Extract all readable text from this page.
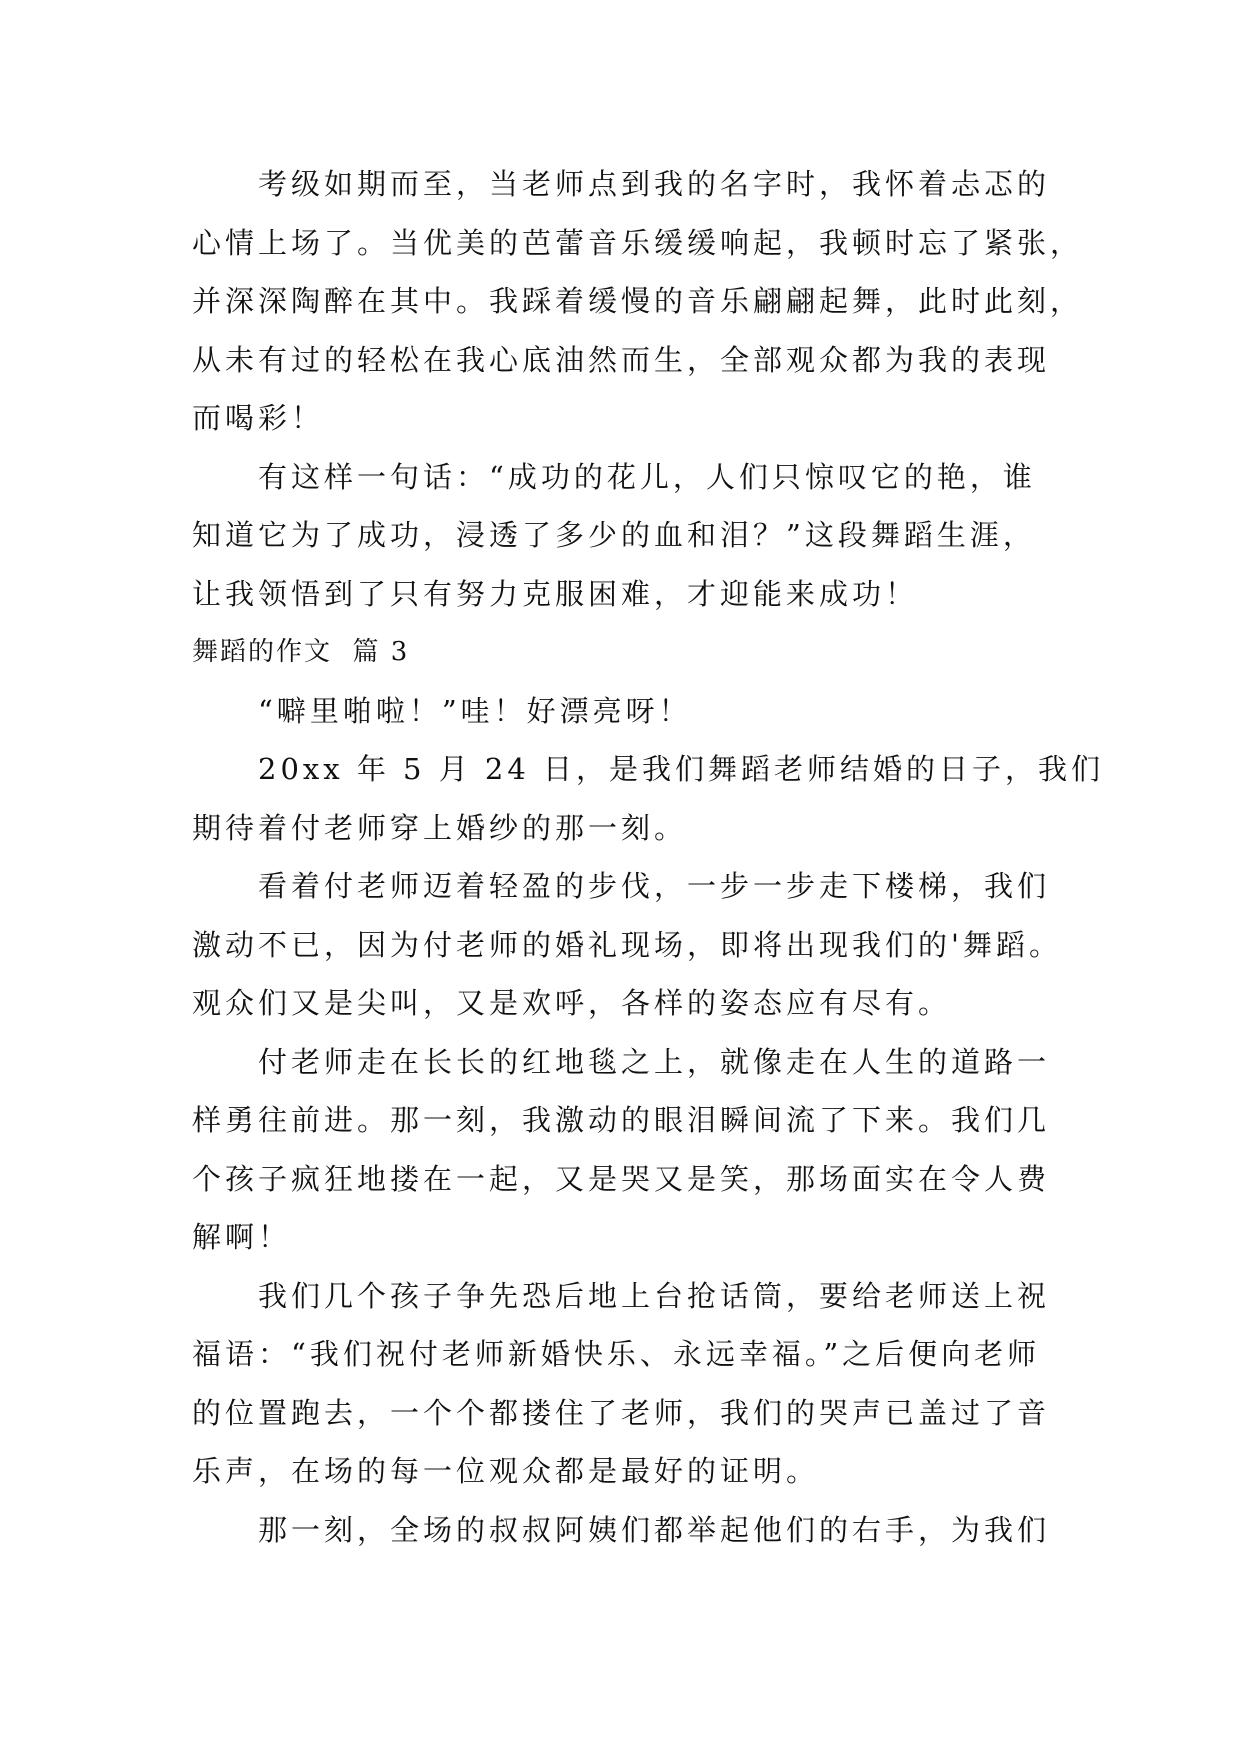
考级如期而至，当老师点到我的名字时，我怀着忐忑的
心情上场了。当优美的芭蕾音乐缓缓响起，我顿时忘了紧张，
并深深陶醉在其中。我踩着缓慢的音乐翩翩起舞，此时此刻，
从未有过的轻松在我心底油然而生，全部观众都为我的表现
而喝彩！
有这样一句话：“成功的花儿，人们只惊叹它的艳，谁
知道它为了成功，浸透了多少的血和泪？”这段舞蹈生涯，
让我领悟到了只有努力克服困难，才迎能来成功！
舞蹈的作文  篇 3
“噼里啪啦！”哇！好漂亮呀！
20xx 年 5 月 24 日，是我们舞蹈老师结婚的日子，我们
期待着付老师穿上婚纱的那一刻。
看着付老师迈着轻盈的步伐，一步一步走下楼梯，我们
激动不已，因为付老师的婚礼现场，即将出现我们的'舞蹈。
观众们又是尖叫，又是欢呼，各样的姿态应有尽有。
付老师走在长长的红地毯之上，就像走在人生的道路一
样勇往前进。那一刻，我激动的眼泪瞬间流了下来。我们几
个孩子疯狂地搂在一起，又是哭又是笑，那场面实在令人费
解啊！
我们几个孩子争先恐后地上台抢话筒，要给老师送上祝
福语：“我们祝付老师新婚快乐、永远幸福。”之后便向老师
的位置跑去，一个个都搂住了老师，我们的哭声已盖过了音
乐声，在场的每一位观众都是最好的证明。
那一刻，全场的叔叔阿姨们都举起他们的右手，为我们
